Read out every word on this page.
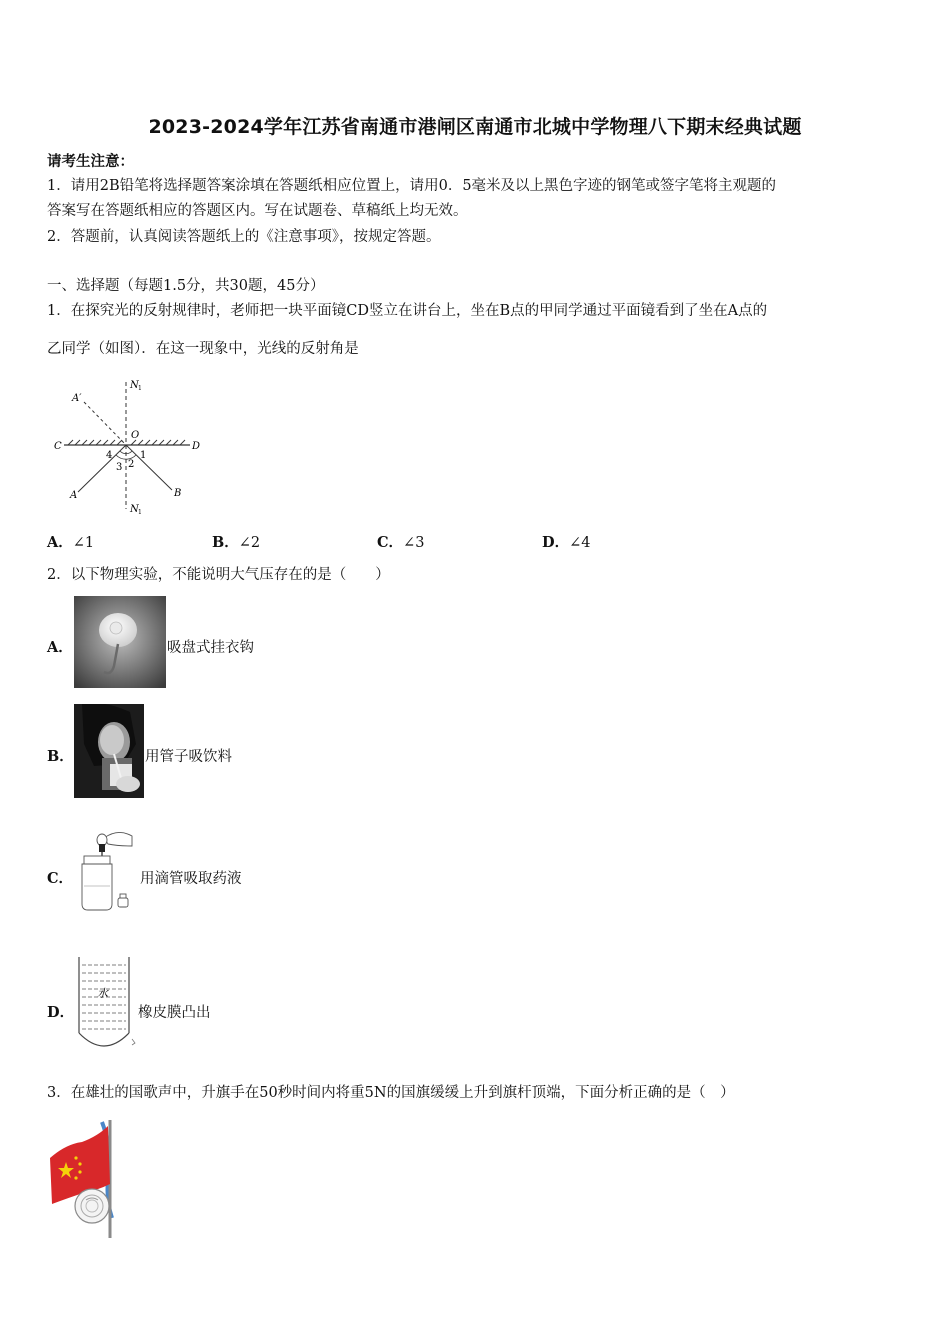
2023-2024学年江苏省南通市港闸区南通市北城中学物理八下期末经典试题
请考生注意：
1．请用2B铅笔将选择题答案涂填在答题纸相应位置上，请用0．5毫米及以上黑色字迹的钢笔或签字笔将主观题的
答案写在答题纸相应的答题区内。写在试题卷、草稿纸上均无效。
2．答题前，认真阅读答题纸上的《注意事项》，按规定答题。
一、选择题（每题1.5分，共30题，45分）
1．在探究光的反射规律时，老师把一块平面镜CD竖立在讲台上，坐在B点的甲同学通过平面镜看到了坐在A点的
乙同学（如图）．在这一现象中，光线的反射角是
N 1
A′
O
C	D
4	1
3 2
A	B
N 1
A．∠1	B．∠2	C．∠3	D．∠4
2．以下物理实验，不能说明大气压存在的是（　　）
A．	吸盘式挂衣钩
B．	用管子吸饮料
C．	用滴管吸取药液
D．
水
橡皮膜凸出
3．在雄壮的国歌声中，升旗手在50秒时间内将重5N的国旗缓缓上升到旗杆顶端，下面分析正确的是（　）
